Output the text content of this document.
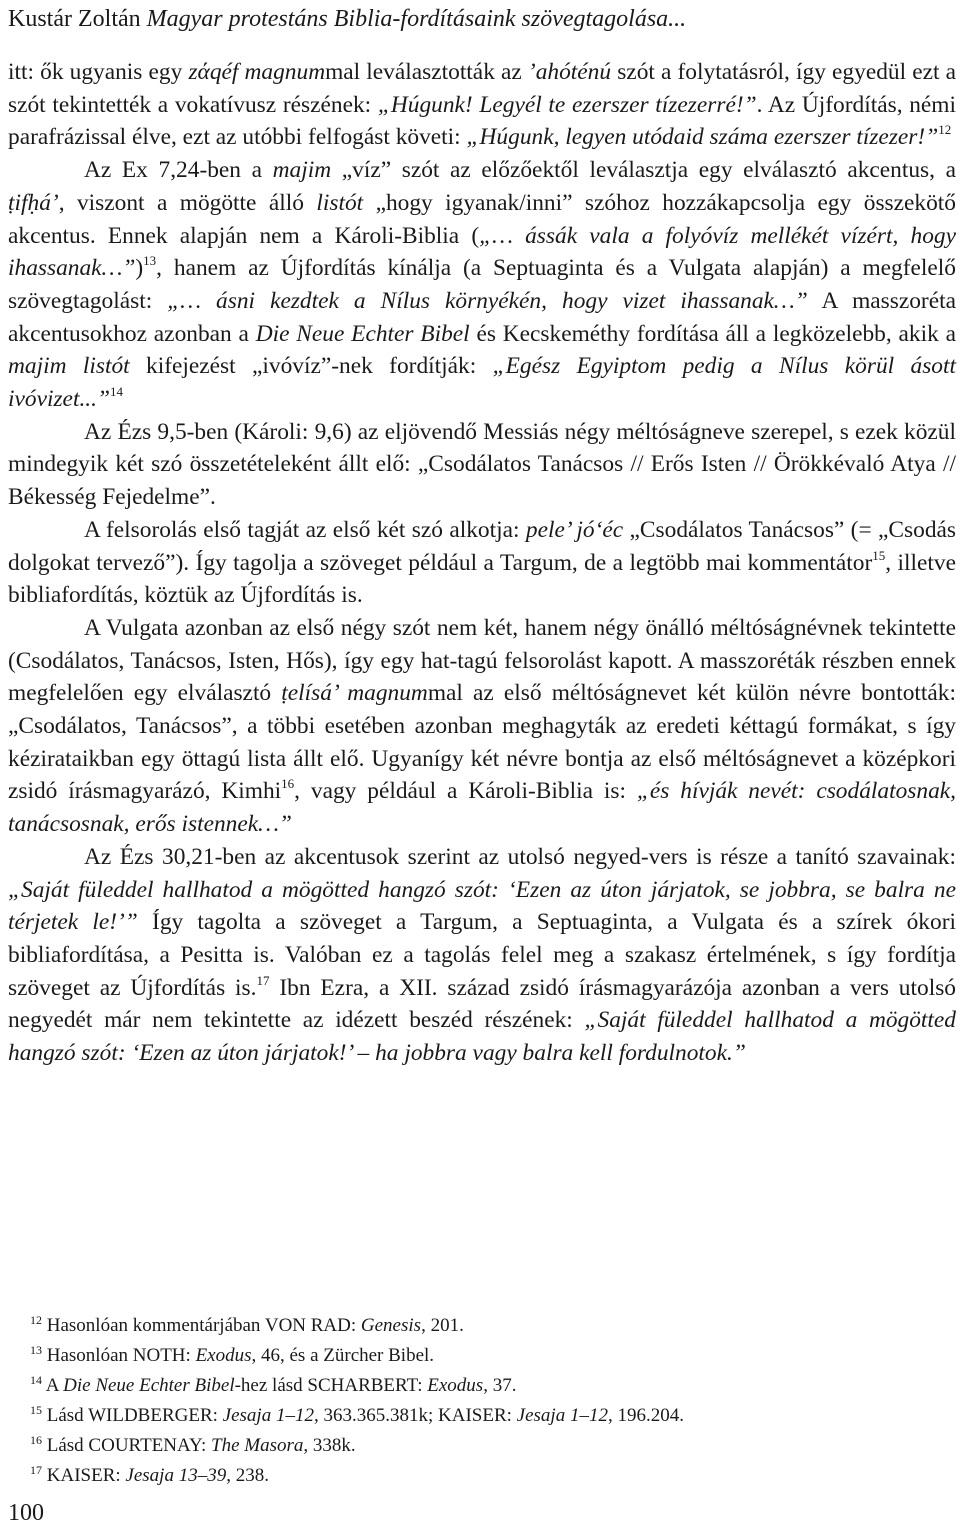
Kustár Zoltán Magyar protestáns Biblia-fordításaink szövegtagolása...

itt: ők ugyanis egy zάqéf magnummal leválasztották az ’ahóténú szót a folytatásról, így egyedül ezt a szót tekintették a vokatívusz részének: „Húgunk! Legyél te ezerszer tízezerré!”. Az Újfordítás, némi parafrázissal élve, ezt az utóbbi felfogást követi: „Húgunk, legyen utódaid száma ezerszer tízezer!”$^{12}$

Az Ex 7,24-ben a majim „víz” szót az előzőektől leválasztja egy elválasztó akcentus, a ṭifḥá’, viszont a mögötte álló listót „hogy igyanak/inni” szóhoz hozzákapcsolja egy összekötő akcentus. Ennek alapján nem a Károli-Biblia („… ássák vala a folyóvíz mellékét vízért, hogy ihassanak…”)$^{13}$, hanem az Újfordítás kínálja (a Septuaginta és a Vulgata alapján) a megfelelő szövegtagolást: „… ásni kezdtek a Nílus környékén, hogy vizet ihassanak…” A masszoréta akcentusokhoz azonban a Die Neue Echter Bibel és Kecskeméthy fordítása áll a legközelebb, akik a majim listót kifejezést „ivóvíz”-nek fordítják: „Egész Egyiptom pedig a Nílus körül ásott ivóvizet...”$^{14}$

Az Ézs 9,5-ben (Károli: 9,6) az eljövendő Messiás négy méltóságneve szerepel, s ezek közül mindegyik két szó összetételeként állt elő: „Csodálatos Tanácsos // Erős Isten // Örökkévaló Atya // Békesség Fejedelme”.

A felsorolás első tagját az első két szó alkotja: pele’ jó‘éc „Csodálatos Tanácsos” (= „Csodás dolgokat tervező”). Így tagolja a szöveget például a Targum, de a legtöbb mai kommentátor$^{15}$, illetve bibliafordítás, köztük az Újfordítás is.

A Vulgata azonban az első négy szót nem két, hanem négy önálló méltóságnévnek tekintette (Csodálatos, Tanácsos, Isten, Hős), így egy hat-tagú felsorolást kapott. A masszoréták részben ennek megfelelően egy elválasztó ṭelísá’ magnummal az első méltóságnevet két külön névre bontották: „Csodálatos, Tanácsos”, a többi esetében azonban meghagyták az eredeti kéttagú formákat, s így kézirataikban egy öttagú lista állt elő. Ugyanígy két névre bontja az első méltóságnevet a középkori zsidó írásmagyarázó, Kimhi$^{16}$, vagy például a Károli-Biblia is: „és hívják nevét: csodálatosnak, tanácsosnak, erős istennek…”

Az Ézs 30,21-ben az akcentusok szerint az utolsó negyed-vers is része a tanító szavainak: „Saját füleddel hallhatod a mögötted hangzó szót: ‘Ezen az úton járjatok, se jobbra, se balra ne térjetek le!’” Így tagolta a szöveget a Targum, a Septuaginta, a Vulgata és a szírek ókori bibliafordítása, a Pesitta is. Valóban ez a tagolás felel meg a szakasz értelmének, s így fordítja szöveget az Újfordítás is.$^{17}$ Ibn Ezra, a XII. század zsidó írásmagyarázója azonban a vers utolsó negyedét már nem tekintette az idézett beszéd részének: „Saját füleddel hallhatod a mögötted hangzó szót: ‘Ezen az úton járjatok!’ – ha jobbra vagy balra kell fordulnotok.”

$^{12}$ Hasonlóan kommentárjában VON RAD: Genesis, 201.
$^{13}$ Hasonlóan NOTH: Exodus, 46, és a Zürcher Bibel.
$^{14}$ A Die Neue Echter Bibel-hez lásd SCHARBERT: Exodus, 37.
$^{15}$ Lásd WILDBERGER: Jesaja 1–12, 363.365.381k; KAISER: Jesaja 1–12, 196.204.
$^{16}$ Lásd COURTENAY: The Masora, 338k.
$^{17}$ KAISER: Jesaja 13–39, 238.
100
